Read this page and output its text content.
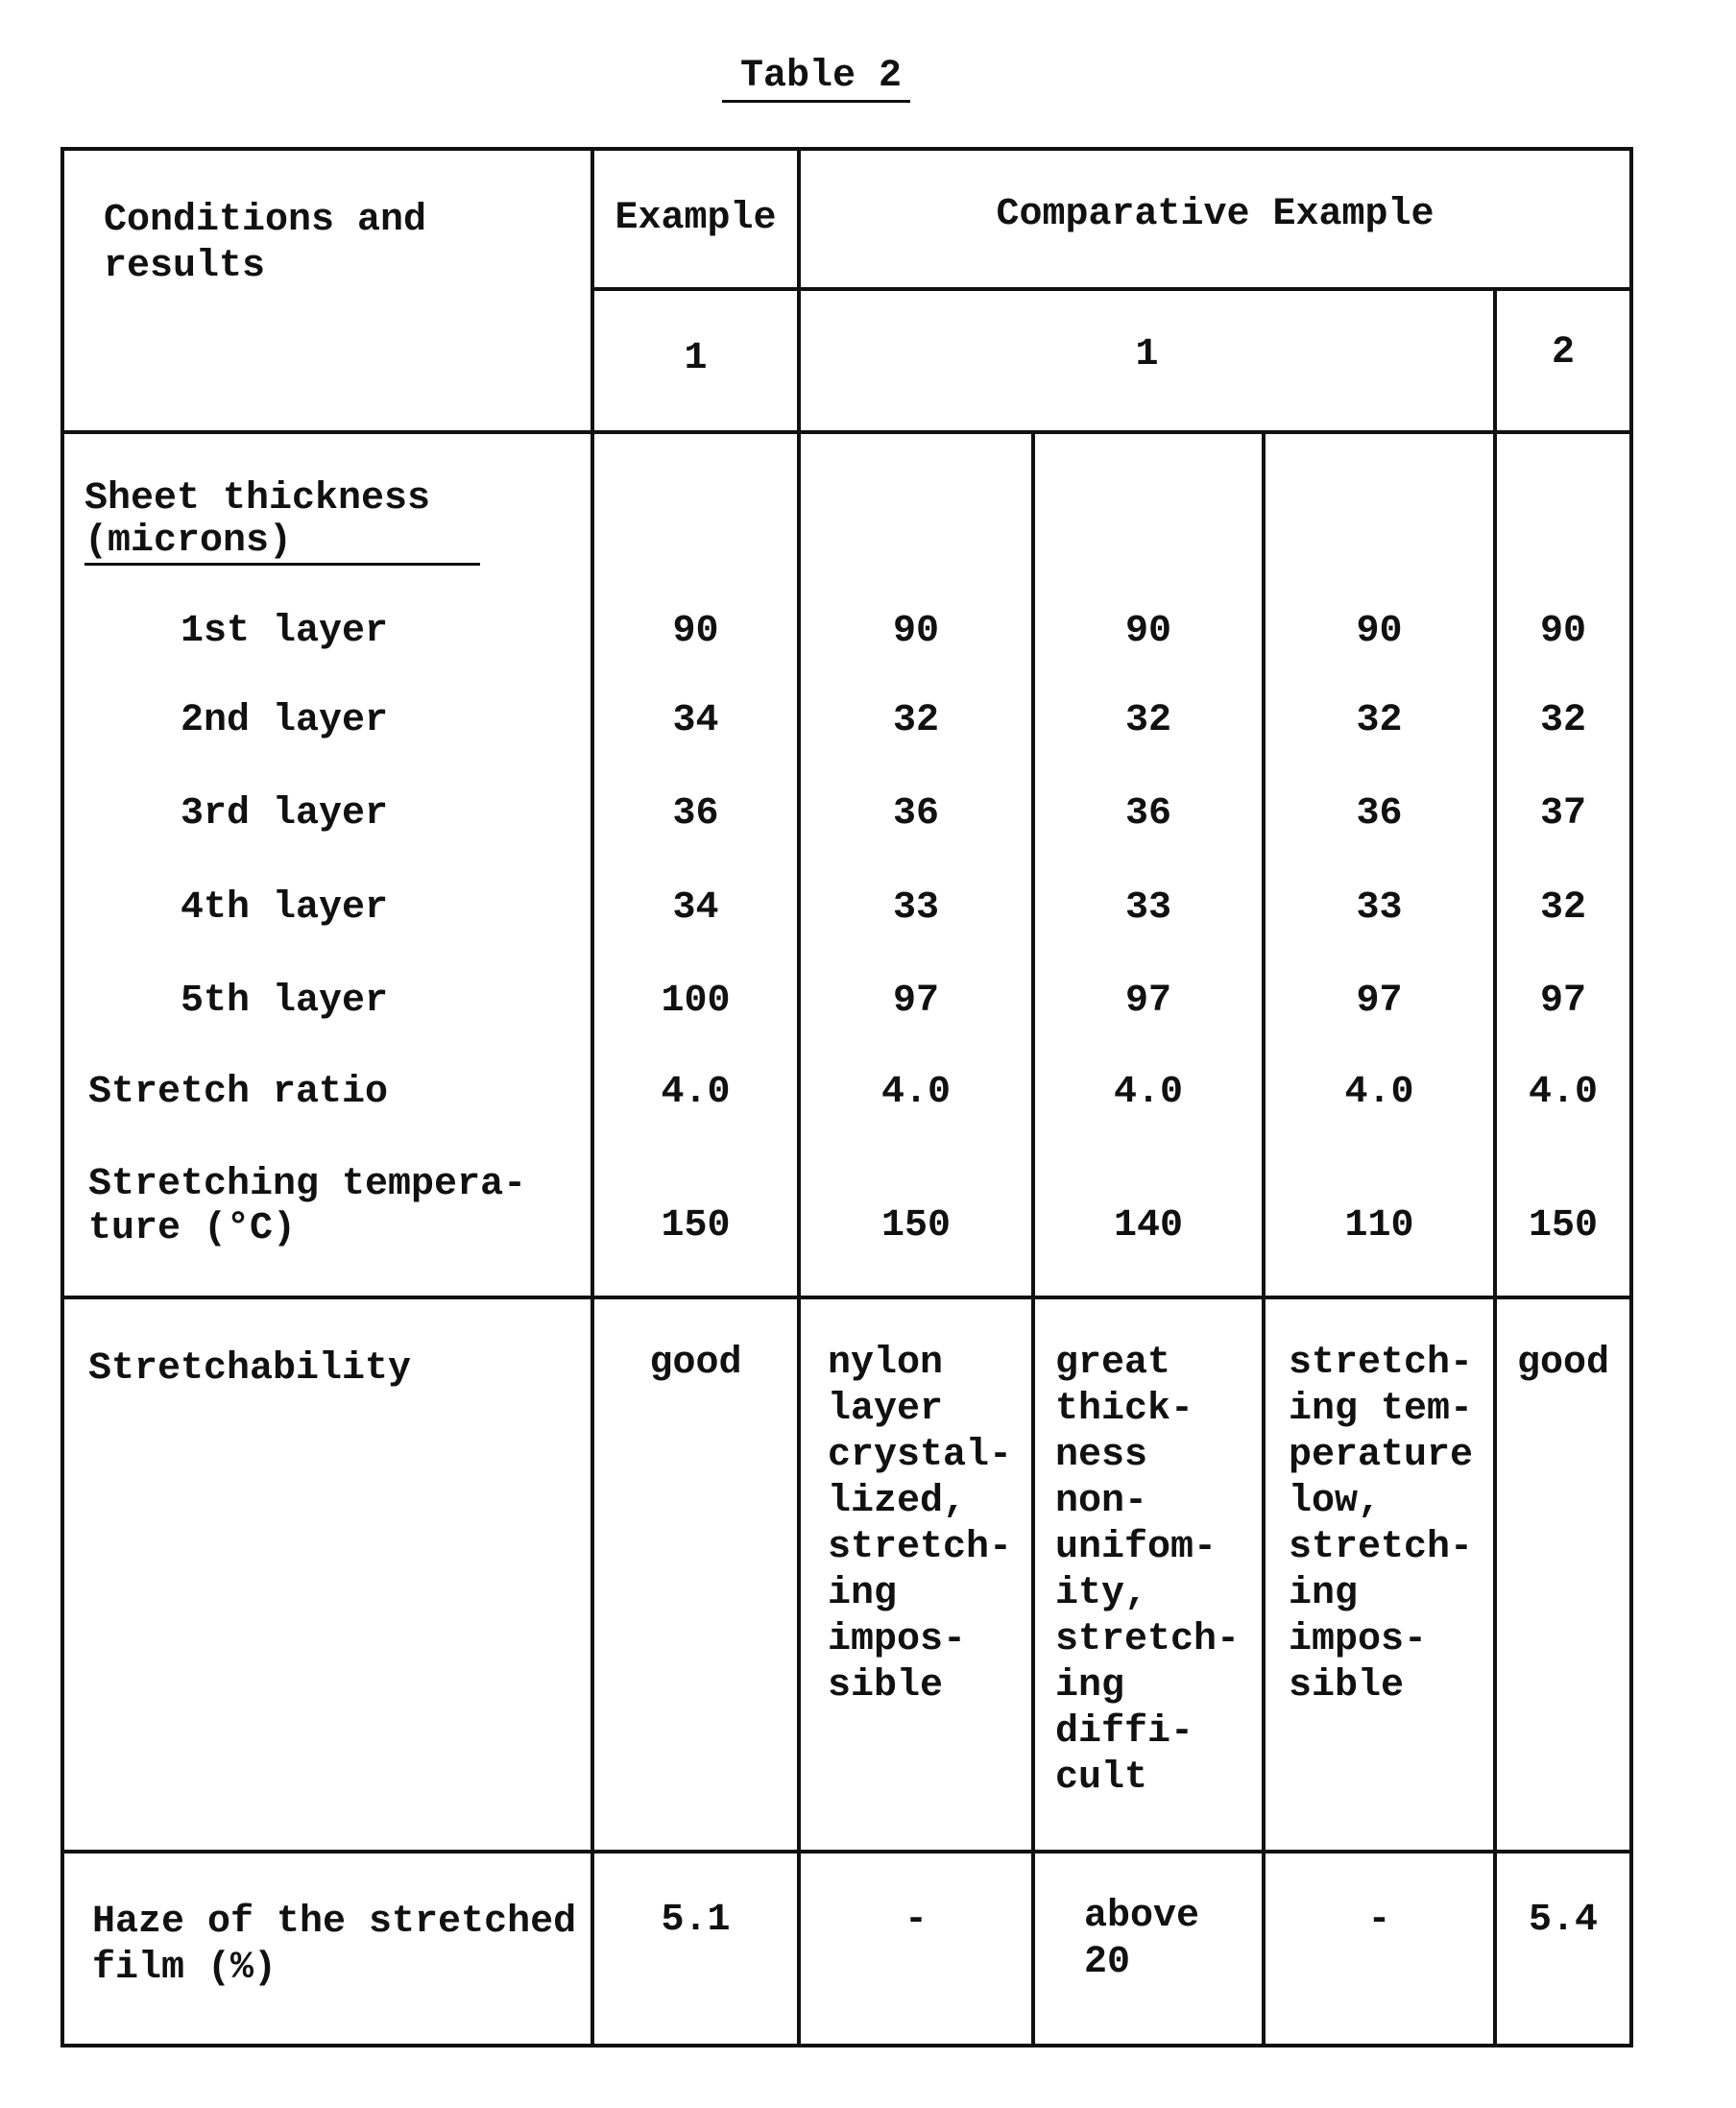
Table 2
Conditions and
results
Example	Comparative Example
1	1	2
Sheet thickness
(microns)
1st layer	90	90	90	90	90
2nd layer	34	32	32	32	32
3rd layer	36	36	36	36	37
4th layer	34	33	33	33	32
5th layer	100	97	97	97	97
Stretch ratio	4.0	4.0	4.0	4.0	4.0
Stretching tempera-
ture (°C)	150	150	140	110	150
Stretchability	good	nylon
layer
crystal-
lized,
stretch-
ing
impos-
sible
great
thick-
ness
non-
unifom-
ity,
stretch-
ing
diffi-
cult
stretch-
ing tem-
perature
low,
stretch-
ing
impos-
sible
good
Haze of the stretched
film (%)
5.1	-	above
20
-	5.4
